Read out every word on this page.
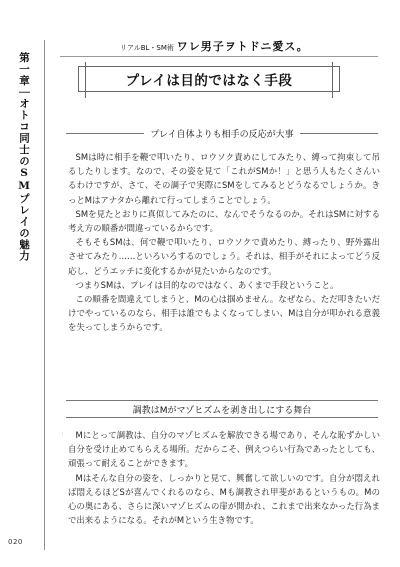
第一章｜オトコ同士のSMプレイの魅力
...
020
リアルBL・SM術 ワレ男子ヲトドニ愛ス。
プレイは目的ではなく手段
プレイ自体よりも相手の反応が大事

SMは時に相手を鞭で叩いたり、ロウソク責めにしてみたり、縛って拘束して吊るしたりします。なので、その姿を見て「これがSMか！」と思う人もたくさんいるわけですが、さて、その調子で実際にSMをしてみるとどうなるでしょうか。きっとMはアナタから離れて行ってしまうことでしょう。

SMを見たとおりに真似してみたのに、なんでそうなるのか。それはSMに対する考え方の順番が間違っているからです。

そもそもSMは、何で鞭で叩いたり、ロウソクで責めたり、縛ったり、野外露出させてみたり……といろいろするのでしょう。それは、相手がそれによってどう反応し、どうエッチに変化するかが見たいからなのです。

つまりSMは、プレイは目的なのではなく、あくまで手段ということ。

この順番を間違えてしまうと、Mの心は掴めません。なぜなら、ただ叩きたいだけでやっているのなら、相手は誰でもよくなってしまい、Mは自分が叩かれる意義を失ってしまうからです。

調教はMがマゾヒズムを剥き出しにする舞台

Mにとって調教は、自分のマゾヒズムを解放できる場であり、そんな恥ずかしい自分を受け止めてもらえる場所。だからこそ、例えつらい行為であったとしても、頑張って耐えることができます。

Mはそんな自分の姿を、しっかりと見て、興奮して欲しいのです。自分が悶えれば悶えるほどSが喜んでくれるのなら、Mも調教され甲斐があるというもの。Mの心の奥にある、さらに深いマゾヒズムの扉が開かれ、これまで出来なかった行為まで出来るようになる。それがMという生き物です。
